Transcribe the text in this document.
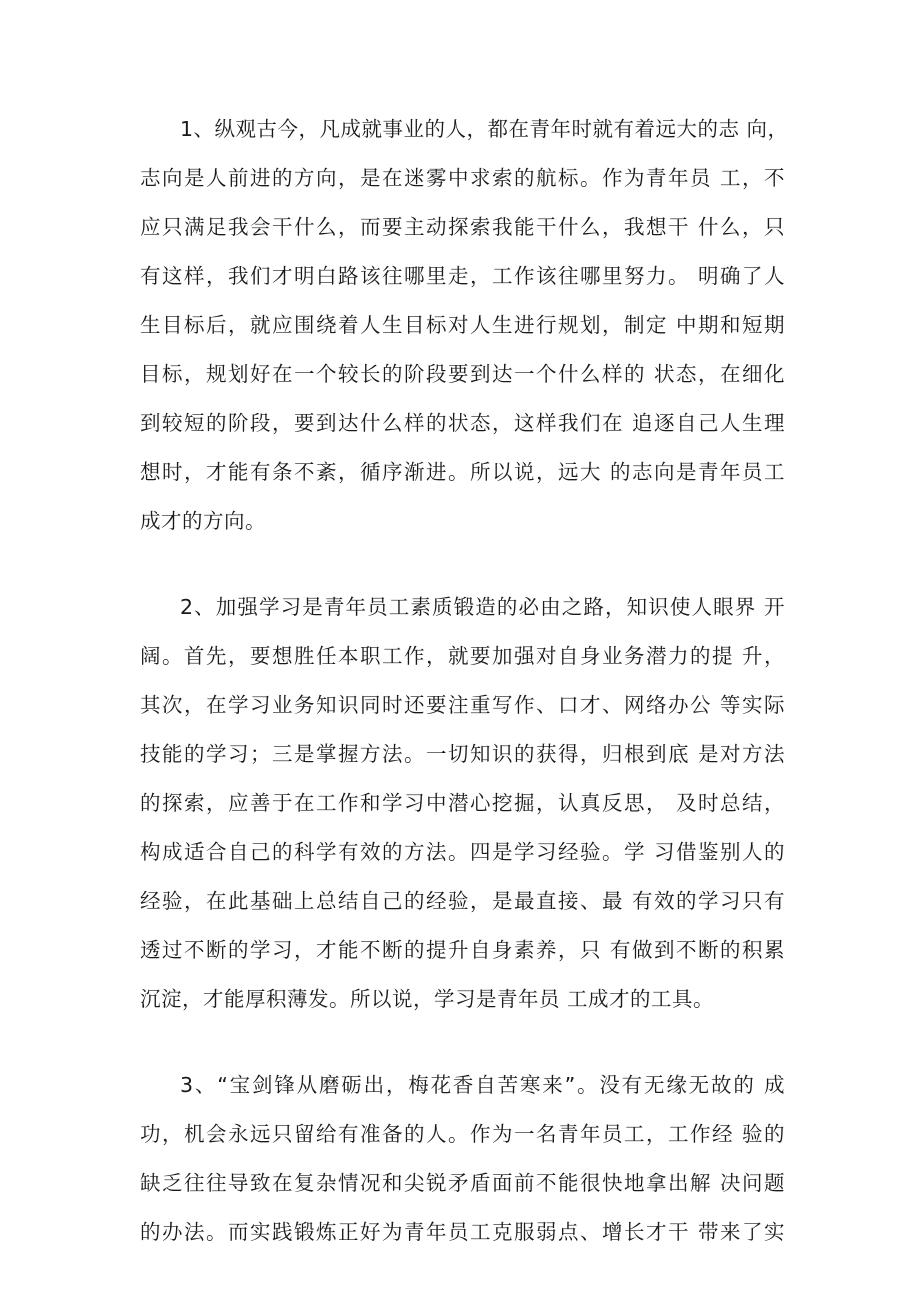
1、纵观古今，凡成就事业的人，都在青年时就有着远大的志 向，
志向是人前进的方向，是在迷雾中求索的航标。作为青年员 工，不
应只满足我会干什么，而要主动探索我能干什么，我想干 什么，只
有这样，我们才明白路该往哪里走，工作该往哪里努力。 明确了人
生目标后，就应围绕着人生目标对人生进行规划，制定 中期和短期
目标，规划好在一个较长的阶段要到达一个什么样的 状态，在细化
到较短的阶段，要到达什么样的状态，这样我们在 追逐自己人生理
想时，才能有条不紊，循序渐进。所以说，远大 的志向是青年员工
成才的方向。
2、加强学习是青年员工素质锻造的必由之路，知识使人眼界 开
阔。首先，要想胜任本职工作，就要加强对自身业务潜力的提 升，
其次，在学习业务知识同时还要注重写作、口才、网络办公 等实际
技能的学习；三是掌握方法。一切知识的获得，归根到底 是对方法
的探索，应善于在工作和学习中潜心挖掘，认真反思， 及时总结，
构成适合自己的科学有效的方法。四是学习经验。学 习借鉴别人的
经验，在此基础上总结自己的经验，是最直接、最 有效的学习只有
透过不断的学习，才能不断的提升自身素养，只 有做到不断的积累
沉淀，才能厚积薄发。所以说，学习是青年员 工成才的工具。
3、“宝剑锋从磨砺出，梅花香自苦寒来”。没有无缘无故的 成
功，机会永远只留给有准备的人。作为一名青年员工，工作经 验的
缺乏往往导致在复杂情况和尖锐矛盾面前不能很快地拿出解 决问题
的办法。而实践锻炼正好为青年员工克服弱点、增长才干 带来了实
